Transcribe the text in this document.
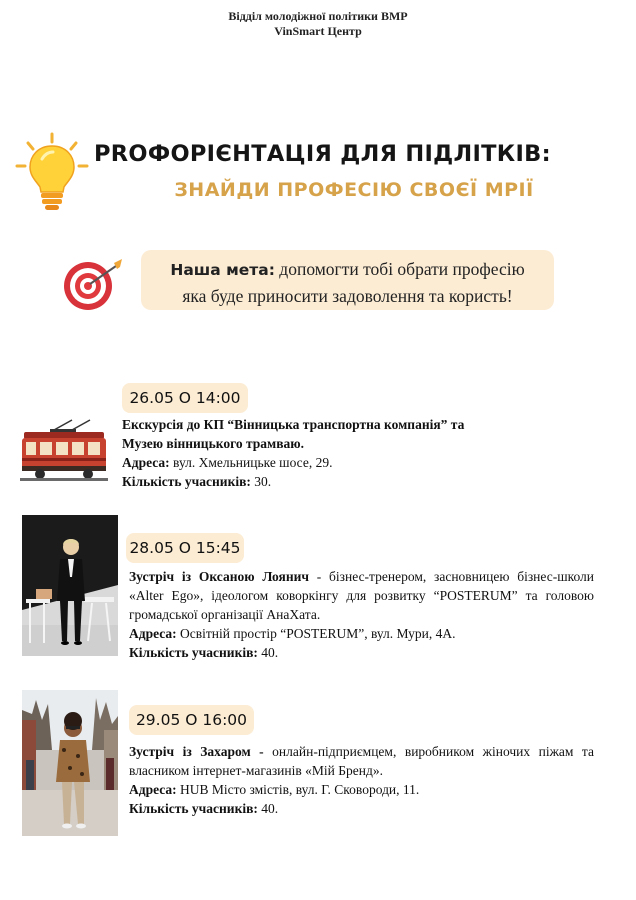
Відділ молодіжної політики ВМР
VinSmart Центр
PROФОРІЄНТАЦІЯ ДЛЯ ПІДЛІТКІВ:
ЗНАЙДИ ПРОФЕСІЮ СВОЄЇ МРІЇ
Наша мета: допомогти тобі обрати професію
яка буде приносити задоволення та користь!
26.05 О 14:00
Екскурсія до КП “Вінницька транспортна компанія” та
Музею вінницького трамваю.
Адреса: вул. Хмельницьке шосе, 29.
Кількість учасників: 30.
28.05 О 15:45
Зустріч із Оксаною Лоянич - бізнес-тренером, засновницею бізнес-школи «Alter Ego», ідеологом коворкінгу для розвитку “POSTERUM” та головою громадської організації АнаХата.
Адреса: Освітній простір “POSTERUM”, вул. Мури, 4А.
Кількість учасників: 40.
29.05 О 16:00
Зустріч із Захаром - онлайн-підприємцем, виробником жіночих піжам та власником інтернет-магазинів «Мій Бренд».
Адреса: HUB Місто змістів, вул. Г. Сковороди, 11.
Кількість учасників: 40.
